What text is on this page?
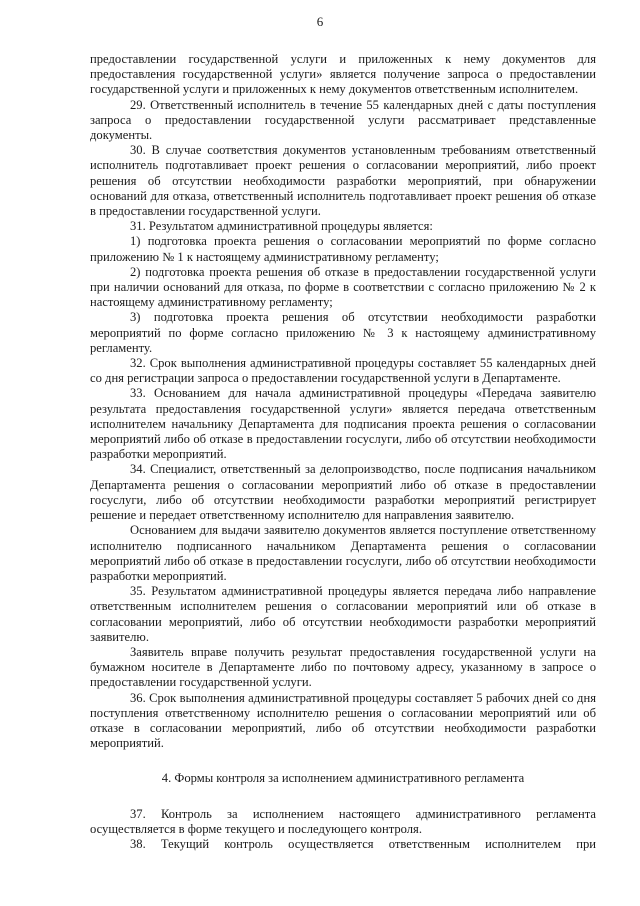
6

предоставлении государственной услуги и приложенных к нему документов для предоставления государственной услуги» является получение запроса о предоставлении государственной услуги и приложенных к нему документов ответственным исполнителем.

29. Ответственный исполнитель в течение 55 календарных дней с даты поступления запроса о предоставлении государственной услуги рассматривает представленные документы.

30. В случае соответствия документов установленным требованиям ответственный исполнитель подготавливает проект решения о согласовании мероприятий, либо проект решения об отсутствии необходимости разработки мероприятий, при обнаружении оснований для отказа, ответственный исполнитель подготавливает проект решения об отказе в предоставлении государственной услуги.

31. Результатом административной процедуры является:

1) подготовка проекта решения о согласовании мероприятий по форме согласно приложению № 1 к настоящему административному регламенту;

2) подготовка проекта решения об отказе в предоставлении государственной услуги при наличии оснований для отказа, по форме в соответствии с согласно приложению № 2 к настоящему административному регламенту;

3) подготовка проекта решения об отсутствии необходимости разработки мероприятий по форме согласно приложению № 3 к настоящему административному регламенту.

32. Срок выполнения административной процедуры составляет 55 календарных дней со дня регистрации запроса о предоставлении государственной услуги в Департаменте.

33. Основанием для начала административной процедуры «Передача заявителю результата предоставления государственной услуги» является передача ответственным исполнителем начальнику Департамента для подписания проекта решения о согласовании мероприятий либо об отказе в предоставлении госуслуги, либо об отсутствии необходимости разработки мероприятий.

34. Специалист, ответственный за делопроизводство, после подписания начальником Департамента решения о согласовании мероприятий либо об отказе в предоставлении госуслуги, либо об отсутствии необходимости разработки мероприятий регистрирует решение и передает ответственному исполнителю для направления заявителю.

Основанием для выдачи заявителю документов является поступление ответственному исполнителю подписанного начальником Департамента решения о согласовании мероприятий либо об отказе в предоставлении госуслуги, либо об отсутствии необходимости разработки мероприятий.

35. Результатом административной процедуры является передача либо направление ответственным исполнителем решения о согласовании мероприятий или об отказе в согласовании мероприятий, либо об отсутствии необходимости разработки мероприятий заявителю.

Заявитель вправе получить результат предоставления государственной услуги на бумажном носителе в Департаменте либо по почтовому адресу, указанному в запросе о предоставлении государственной услуги.

36. Срок выполнения административной процедуры составляет 5 рабочих дней со дня поступления ответственному исполнителю решения о согласовании мероприятий или об отказе в согласовании мероприятий, либо об отсутствии необходимости разработки мероприятий.

4. Формы контроля за исполнением административного регламента

37. Контроль за исполнением настоящего административного регламента осуществляется в форме текущего и последующего контроля.

38. Текущий контроль осуществляется ответственным исполнителем при
